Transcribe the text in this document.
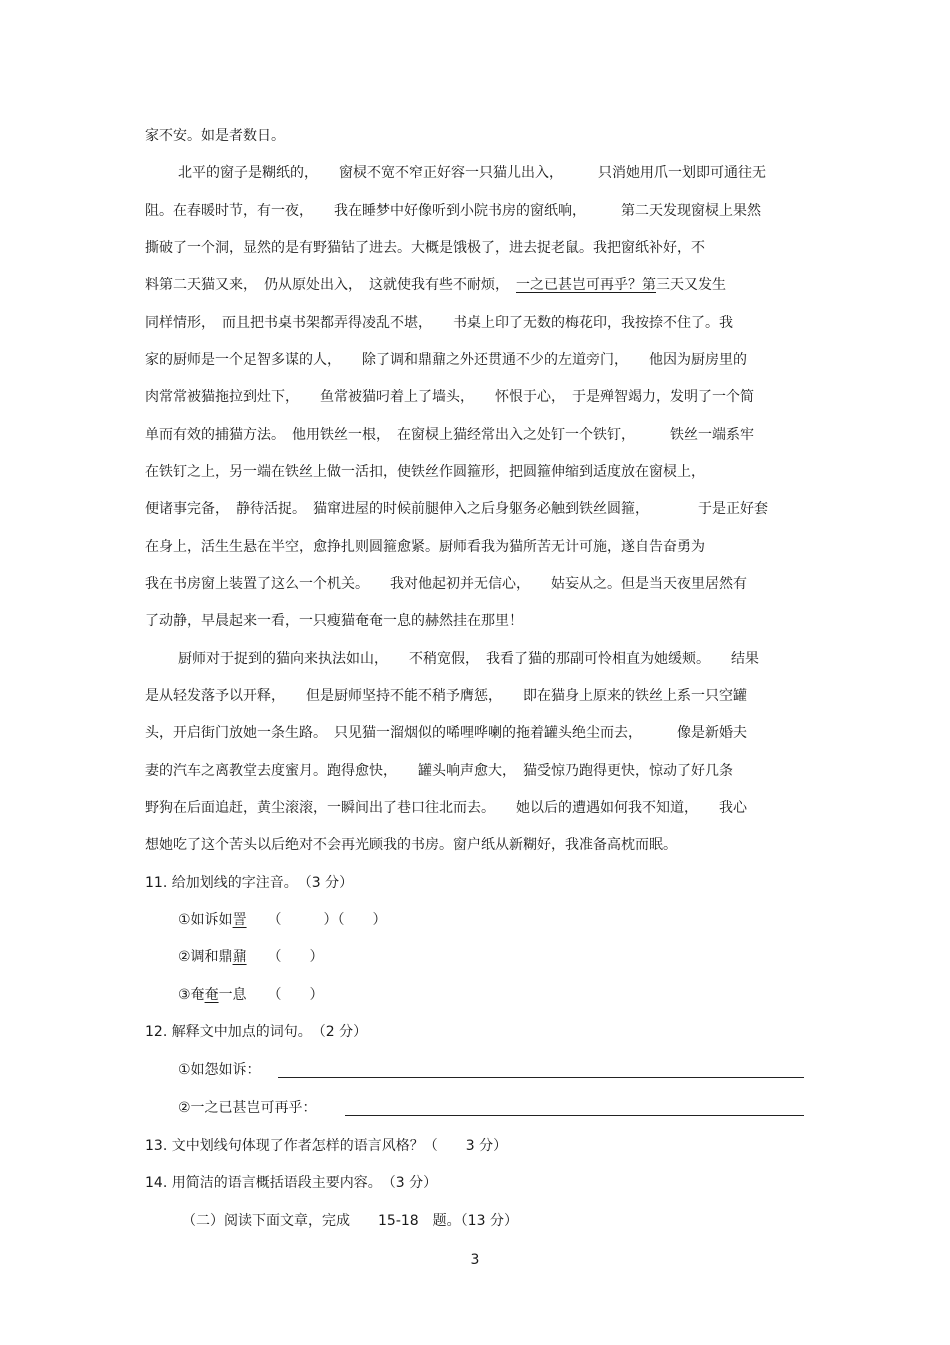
家不安。如是者数日。
北平的窗子是糊纸的，　　窗棂不宽不窄正好容一只猫儿出入，　　　只消她用爪一划即可通往无
阻。在春暖时节，有一夜，　　我在睡梦中好像听到小院书房的窗纸响，　　　第二天发现窗棂上果然
撕破了一个洞，显然的是有野猫钻了进去。大概是饿极了，进去捉老鼠。我把窗纸补好，不
料第二天猫又来，　仍从原处出入，　这就使我有些不耐烦，　一之已甚岂可再乎？第三天又发生
同样情形，　而且把书桌书架都弄得凌乱不堪，　　书桌上印了无数的梅花印，我按捺不住了。我
家的厨师是一个足智多谋的人，　　除了调和鼎鼐之外还贯通不少的左道旁门，　　他因为厨房里的
肉常常被猫拖拉到灶下，　　鱼常被猫叼着上了墙头，　　怀恨于心，　于是殚智竭力，发明了一个简
单而有效的捕猫方法。　他用铁丝一根，　在窗棂上猫经常出入之处钉一个铁钉，　　　铁丝一端系牢
在铁钉之上，另一端在铁丝上做一活扣，使铁丝作圆箍形，把圆箍伸缩到适度放在窗棂上，
便诸事完备，　静待活捉。　猫窜进屋的时候前腿伸入之后身躯务必触到铁丝圆箍，　　　　于是正好套
在身上，活生生悬在半空，愈挣扎则圆箍愈紧。厨师看我为猫所苦无计可施，遂自告奋勇为
我在书房窗上装置了这么一个机关。　　我对他起初并无信心，　　姑妄从之。但是当天夜里居然有
了动静，早晨起来一看，一只瘦猫奄奄一息的赫然挂在那里！
厨师对于捉到的猫向来执法如山，　　不稍宽假，　我看了猫的那副可怜相直为她缓颊。　　结果
是从轻发落予以开释，　　但是厨师坚持不能不稍予膺惩，　　即在猫身上原来的铁丝上系一只空罐
头，开启街门放她一条生路。　只见猫一溜烟似的唏哩哗喇的拖着罐头绝尘而去，　　　像是新婚夫
妻的汽车之离教堂去度蜜月。跑得愈快，　　罐头响声愈大，　猫受惊乃跑得更快，惊动了好几条
野狗在后面追赶，黄尘滚滚，一瞬间出了巷口往北而去。　　她以后的遭遇如何我不知道，　　我心
想她吃了这个苦头以后绝对不会再光顾我的书房。窗户纸从新糊好，我准备高枕而眠。
11. 给加划线的字注音。　（3 分）
①如诉如詈　　（　　　）（　　）
②调和鼎鼐　　（　　）
③奄奄一息　　（　　）
12. 解释文中加点的词句。　（2 分）
①如怨如诉：
②一之已甚岂可再乎：
13. 文中划线句体现了作者怎样的语言风格？（　　3 分）
14. 用简洁的语言概括语段主要内容。　（3 分）
（二）阅读下面文章，完成　　15-18　题。（13 分）
3
